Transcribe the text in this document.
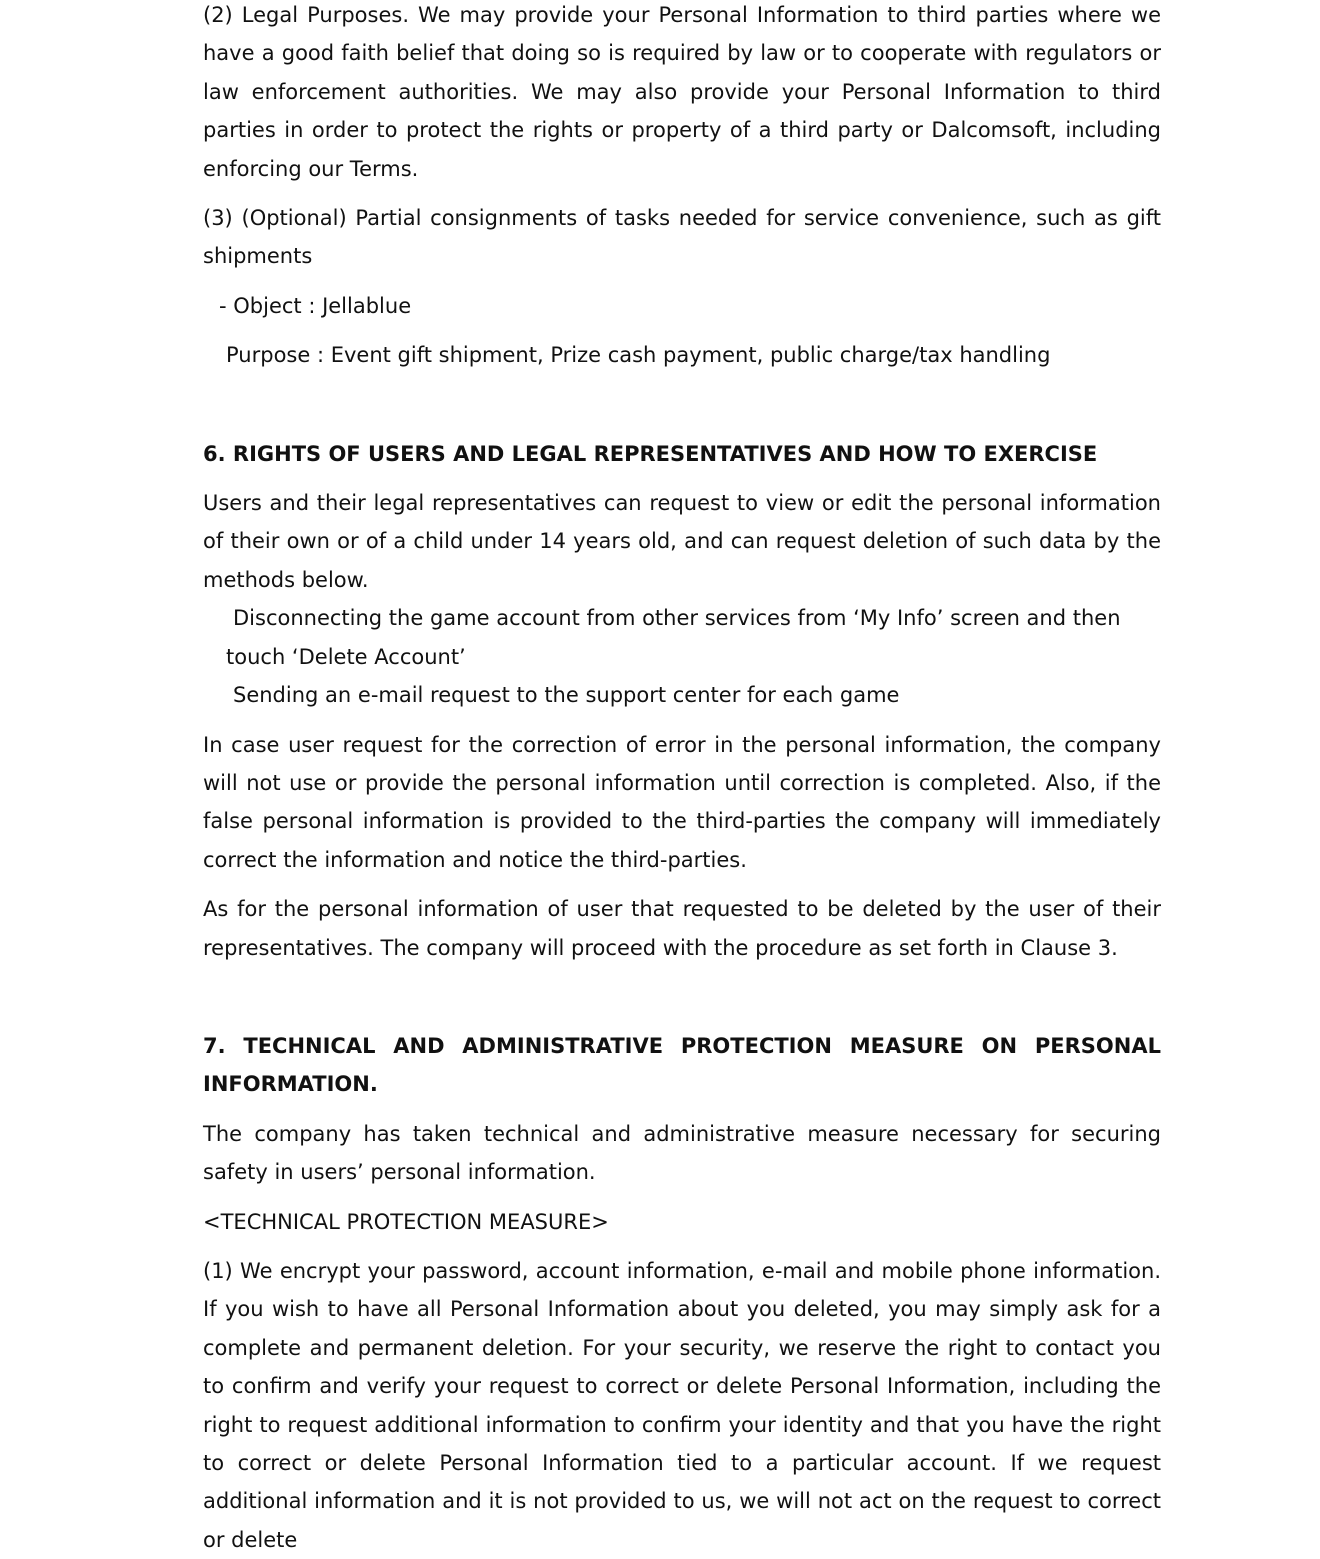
(2) Legal Purposes. We may provide your Personal Information to third parties where we have a good faith belief that doing so is required by law or to cooperate with regulators or law enforcement authorities. We may also provide your Personal Information to third parties in order to protect the rights or property of a third party or Dalcomsoft, including enforcing our Terms.

(3) (Optional) Partial consignments of tasks needed for service convenience, such as gift shipments

- Object : Jellablue

Purpose : Event gift shipment, Prize cash payment, public charge/tax handling

6. RIGHTS OF USERS AND LEGAL REPRESENTATIVES AND HOW TO EXERCISE

Users and their legal representatives can request to view or edit the personal information of their own or of a child under 14 years old, and can request deletion of such data by the methods below.

Disconnecting the game account from other services from ‘My Info’ screen and then touch ‘Delete Account’

Sending an e-mail request to the support center for each game

In case user request for the correction of error in the personal information, the company will not use or provide the personal information until correction is completed. Also, if the false personal information is provided to the third-parties the company will immediately correct the information and notice the third-parties.

As for the personal information of user that requested to be deleted by the user of their representatives. The company will proceed with the procedure as set forth in Clause 3.

7. TECHNICAL AND ADMINISTRATIVE PROTECTION MEASURE ON PERSONAL INFORMATION.

The company has taken technical and administrative measure necessary for securing safety in users’ personal information.

<TECHNICAL PROTECTION MEASURE>

(1) We encrypt your password, account information, e-mail and mobile phone information. If you wish to have all Personal Information about you deleted, you may simply ask for a complete and permanent deletion. For your security, we reserve the right to contact you to confirm and verify your request to correct or delete Personal Information, including the right to request additional information to confirm your identity and that you have the right to correct or delete Personal Information tied to a particular account. If we request additional information and it is not provided to us, we will not act on the request to correct or delete
